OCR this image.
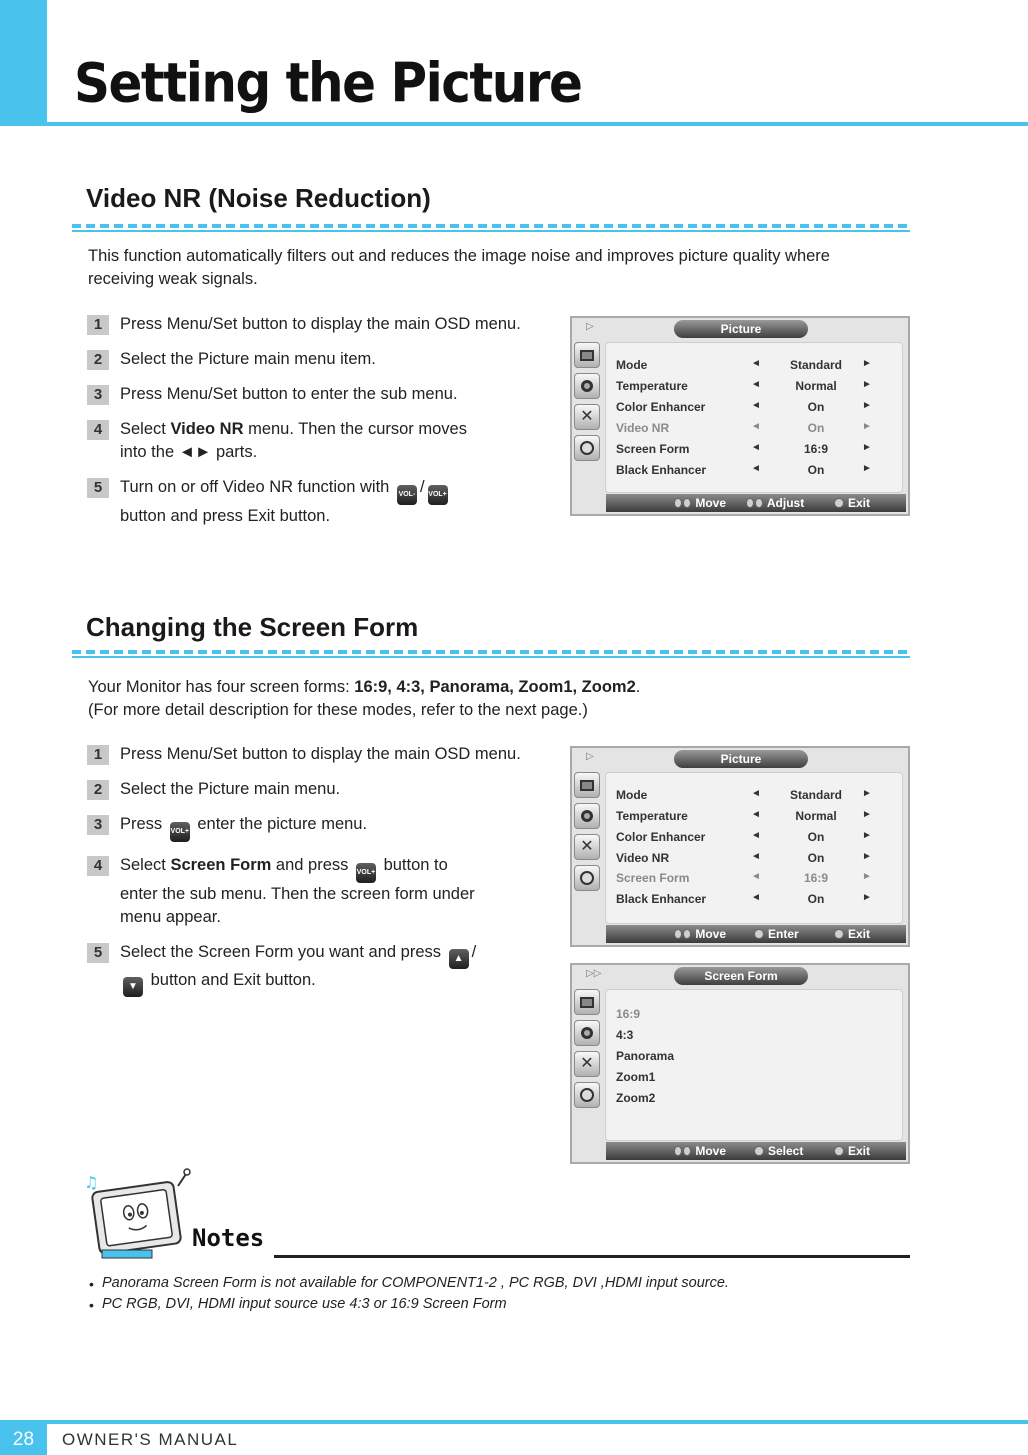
Setting the Picture
Video NR (Noise Reduction)
This function automatically filters out and reduces the image noise and improves picture quality where receiving weak signals.
1	Press Menu/Set button to display the main OSD menu.
2	Select the Picture main menu item.
3	Press Menu/Set button to enter the sub menu.
4	Select Video NR menu. Then the cursor moves into the ◄► parts.
5	Turn on or off Video NR function with VOL- / VOL+ button and press Exit button.
▷	Picture
✕
Mode	◄	Standard	►
Temperature	◄	Normal	►
Color Enhancer	◄	On	►
Video NR	◄	On	►
Screen Form	◄	16:9	►
Black Enhancer	◄	On	►
Move	Adjust	Exit
Changing the Screen Form
Your Monitor has four screen forms: 16:9, 4:3, Panorama, Zoom1, Zoom2.
(For more detail description for these modes, refer to the next page.)
1	Press Menu/Set button to display the main OSD menu.
2	Select the Picture main menu.
3	Press VOL+ enter the picture menu.
4	Select Screen Form and press VOL+ button to enter the sub menu. Then the screen form under menu appear.
5	Select the Screen Form you want and press ▲ /▼ button and Exit button.
▷	Picture
✕
Mode	◄	Standard	►
Temperature	◄	Normal	►
Color Enhancer	◄	On	►
Video NR	◄	On	►
Screen Form	◄	16:9	►
Black Enhancer	◄	On	►
Move	Enter	Exit
▷▷	Screen Form
✕
16:9
4:3
Panorama
Zoom1
Zoom2
Move	Select	Exit
♫
Notes
• Panorama Screen Form is not available for COMPONENT1-2 , PC RGB, DVI ,HDMI input source.
• PC RGB, DVI, HDMI input source use 4:3 or 16:9 Screen Form
28	OWNER'S MANUAL
